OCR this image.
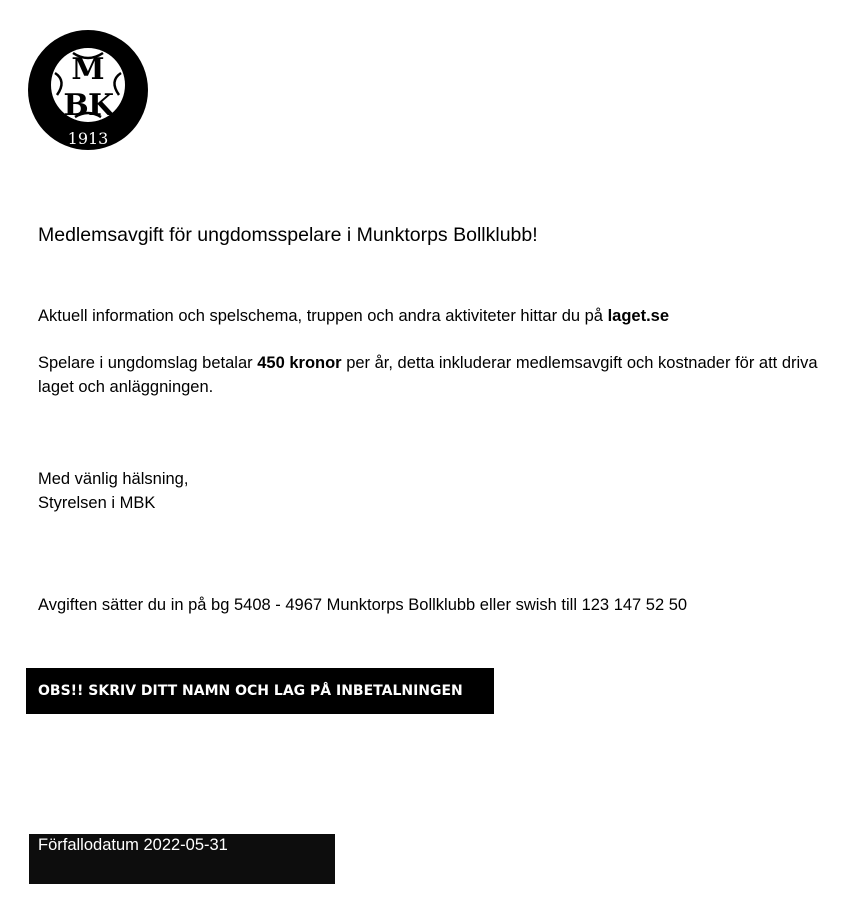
M
B K
1913
Medlemsavgift för ungdomsspelare i Munktorps Bollklubb!

Aktuell information och spelschema, truppen och andra aktiviteter hittar du på laget.se

Spelare i ungdomslag betalar 450 kronor per år, detta inkluderar medlemsavgift och kostnader för att driva laget och anläggningen.

Med vänlig hälsning,
Styrelsen i MBK

Avgiften sätter du in på bg 5408 - 4967 Munktorps Bollklubb eller swish till 123 147 52 50

OBS!! SKRIV DITT NAMN OCH LAG PÅ INBETALNINGEN
Förfallodatum 2022-05-31
